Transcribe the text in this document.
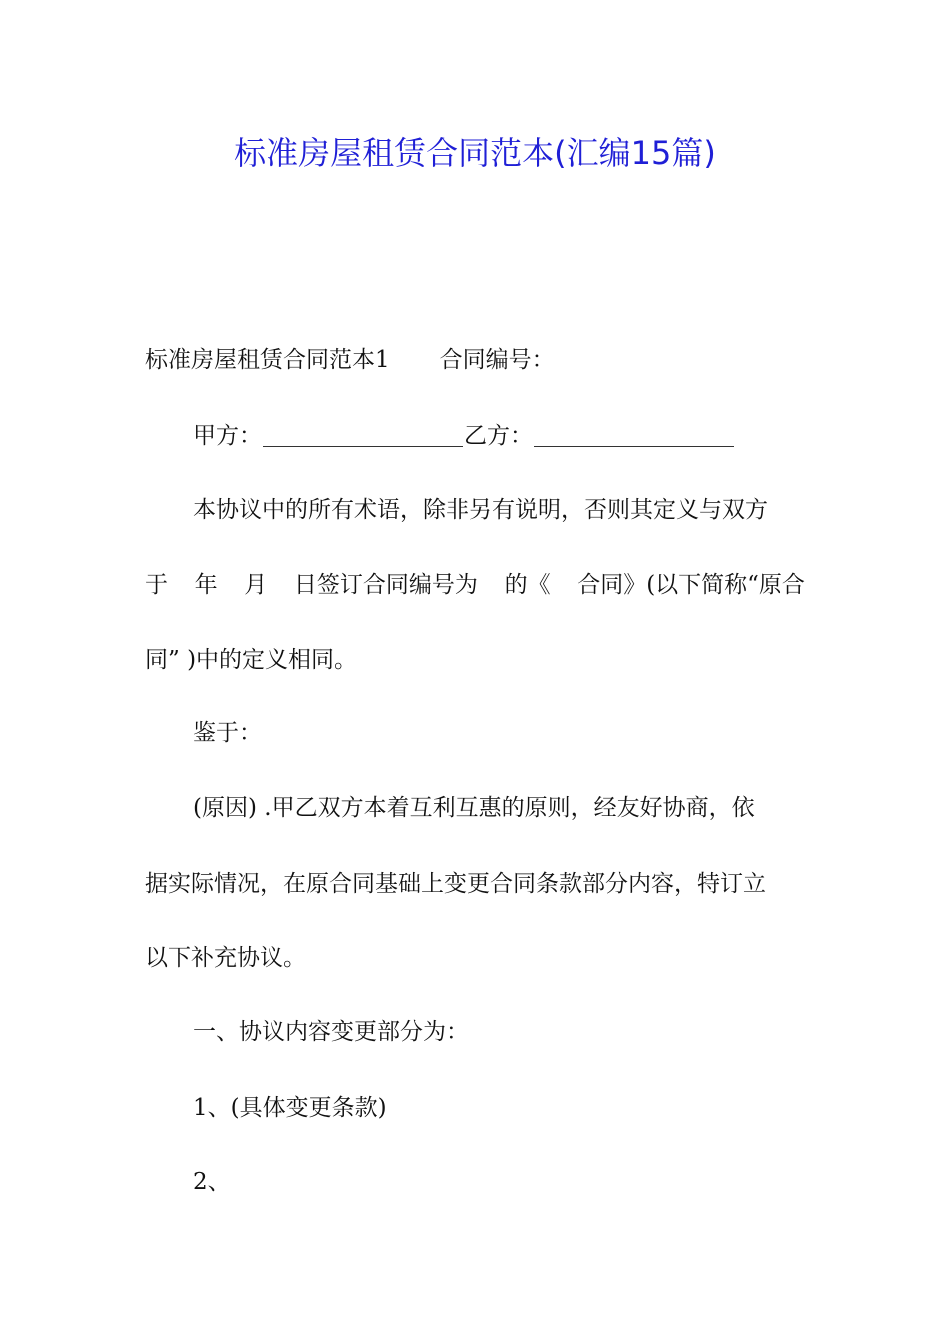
标准房屋租赁合同范本(汇编15篇)
标准房屋租赁合同范本1 合同编号：
甲方：	乙方：
本协议中的所有术语，除非另有说明，否则其定义与双方
于 年 月 日签订合同编号为 的《 合同》(以下简称“原合
同” )中的定义相同。
鉴于：
(原因) .甲乙双方本着互利互惠的原则，经友好协商，依
据实际情况，在原合同基础上变更合同条款部分内容，特订立
以下补充协议。
一、协议内容变更部分为：
1、(具体变更条款)
2、
